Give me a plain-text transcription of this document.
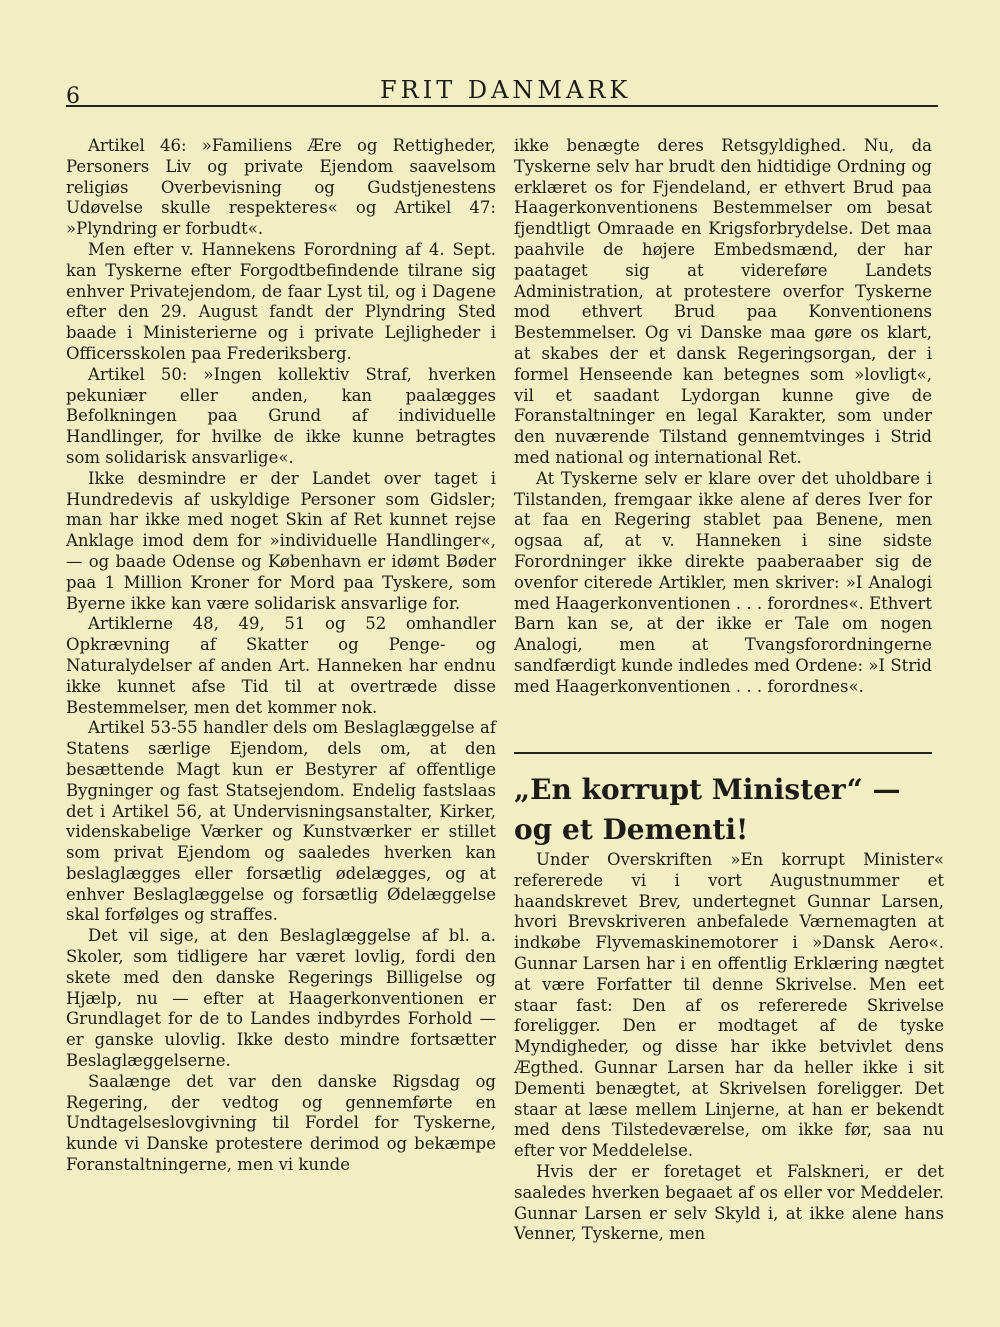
6	FRIT DANMARK

Artikel 46: »Familiens Ære og Rettigheder, Personers Liv og private Ejendom saavelsom religiøs Overbevisning og Gudstjenestens Udøvelse skulle respekteres« og Artikel 47: »Plyndring er forbudt«.

Men efter v. Hannekens Forordning af 4. Sept. kan Tyskerne efter Forgodtbefindende tilrane sig enhver Privatejendom, de faar Lyst til, og i Dagene efter den 29. August fandt der Plyndring Sted baade i Ministerierne og i private Lejligheder i Officersskolen paa Frederiksberg.

Artikel 50: »Ingen kollektiv Straf, hverken pekuniær eller anden, kan paalægges Befolkningen paa Grund af individuelle Handlinger, for hvilke de ikke kunne betragtes som solidarisk ansvarlige«.

Ikke desmindre er der Landet over taget i Hundredevis af uskyldige Personer som Gidsler; man har ikke med noget Skin af Ret kunnet rejse Anklage imod dem for »individuelle Handlinger«, — og baade Odense og København er idømt Bøder paa 1 Million Kroner for Mord paa Tyskere, som Byerne ikke kan være solidarisk ansvarlige for.

Artiklerne 48, 49, 51 og 52 omhandler Opkrævning af Skatter og Penge- og Naturalydelser af anden Art. Hanneken har endnu ikke kunnet afse Tid til at overtræde disse Bestemmelser, men det kommer nok.

Artikel 53-55 handler dels om Beslaglæggelse af Statens særlige Ejendom, dels om, at den besættende Magt kun er Bestyrer af offentlige Bygninger og fast Statsejendom. Endelig fastslaas det i Artikel 56, at Undervisningsanstalter, Kirker, videnskabelige Værker og Kunstværker er stillet som privat Ejendom og saaledes hverken kan beslaglægges eller forsætlig ødelægges, og at enhver Beslaglæggelse og forsætlig Ødelæggelse skal forfølges og straffes.

Det vil sige, at den Beslaglæggelse af bl. a. Skoler, som tidligere har været lovlig, fordi den skete med den danske Regerings Billigelse og Hjælp, nu — efter at Haagerkonventionen er Grundlaget for de to Landes indbyrdes Forhold — er ganske ulovlig. Ikke desto mindre fortsætter Beslaglæggelserne.

Saalænge det var den danske Rigsdag og Regering, der vedtog og gennemførte en Undtagelseslovgivning til Fordel for Tyskerne, kunde vi Danske protestere derimod og bekæmpe Foranstaltningerne, men vi kunde

ikke benægte deres Retsgyldighed. Nu, da Tyskerne selv har brudt den hidtidige Ordning og erklæret os for Fjendeland, er ethvert Brud paa Haagerkonventionens Bestemmelser om besat fjendtligt Omraade en Krigsforbrydelse. Det maa paahvile de højere Embedsmænd, der har paataget sig at videreføre Landets Administration, at protestere overfor Tyskerne mod ethvert Brud paa Konventionens Bestemmelser. Og vi Danske maa gøre os klart, at skabes der et dansk Regeringsorgan, der i formel Henseende kan betegnes som »lovligt«, vil et saadant Lydorgan kunne give de Foranstaltninger en legal Karakter, som under den nuværende Tilstand gennemtvinges i Strid med national og international Ret.

At Tyskerne selv er klare over det uholdbare i Tilstanden, fremgaar ikke alene af deres Iver for at faa en Regering stablet paa Benene, men ogsaa af, at v. Hanneken i sine sidste Forordninger ikke direkte paaberaaber sig de ovenfor citerede Artikler, men skriver: »I Analogi med Haagerkonventionen . . . forordnes«. Ethvert Barn kan se, at der ikke er Tale om nogen Analogi, men at Tvangsforordningerne sandfærdigt kunde indledes med Ordene: »I Strid med Haagerkonventionen . . . forordnes«.

„En korrupt Minister“ — og et Dementi!

Under Overskriften »En korrupt Minister« refererede vi i vort Augustnummer et haandskrevet Brev, undertegnet Gunnar Larsen, hvori Brevskriveren anbefalede Værnemagten at indkøbe Flyvemaskinemotorer i »Dansk Aero«. Gunnar Larsen har i en offentlig Erklæring nægtet at være Forfatter til denne Skrivelse. Men eet staar fast: Den af os refererede Skrivelse foreligger. Den er modtaget af de tyske Myndigheder, og disse har ikke betvivlet dens Ægthed. Gunnar Larsen har da heller ikke i sit Dementi benægtet, at Skrivelsen foreligger. Det staar at læse mellem Linjerne, at han er bekendt med dens Tilstedeværelse, om ikke før, saa nu efter vor Meddelelse.

Hvis der er foretaget et Falskneri, er det saaledes hverken begaaet af os eller vor Meddeler. Gunnar Larsen er selv Skyld i, at ikke alene hans Venner, Tyskerne, men
